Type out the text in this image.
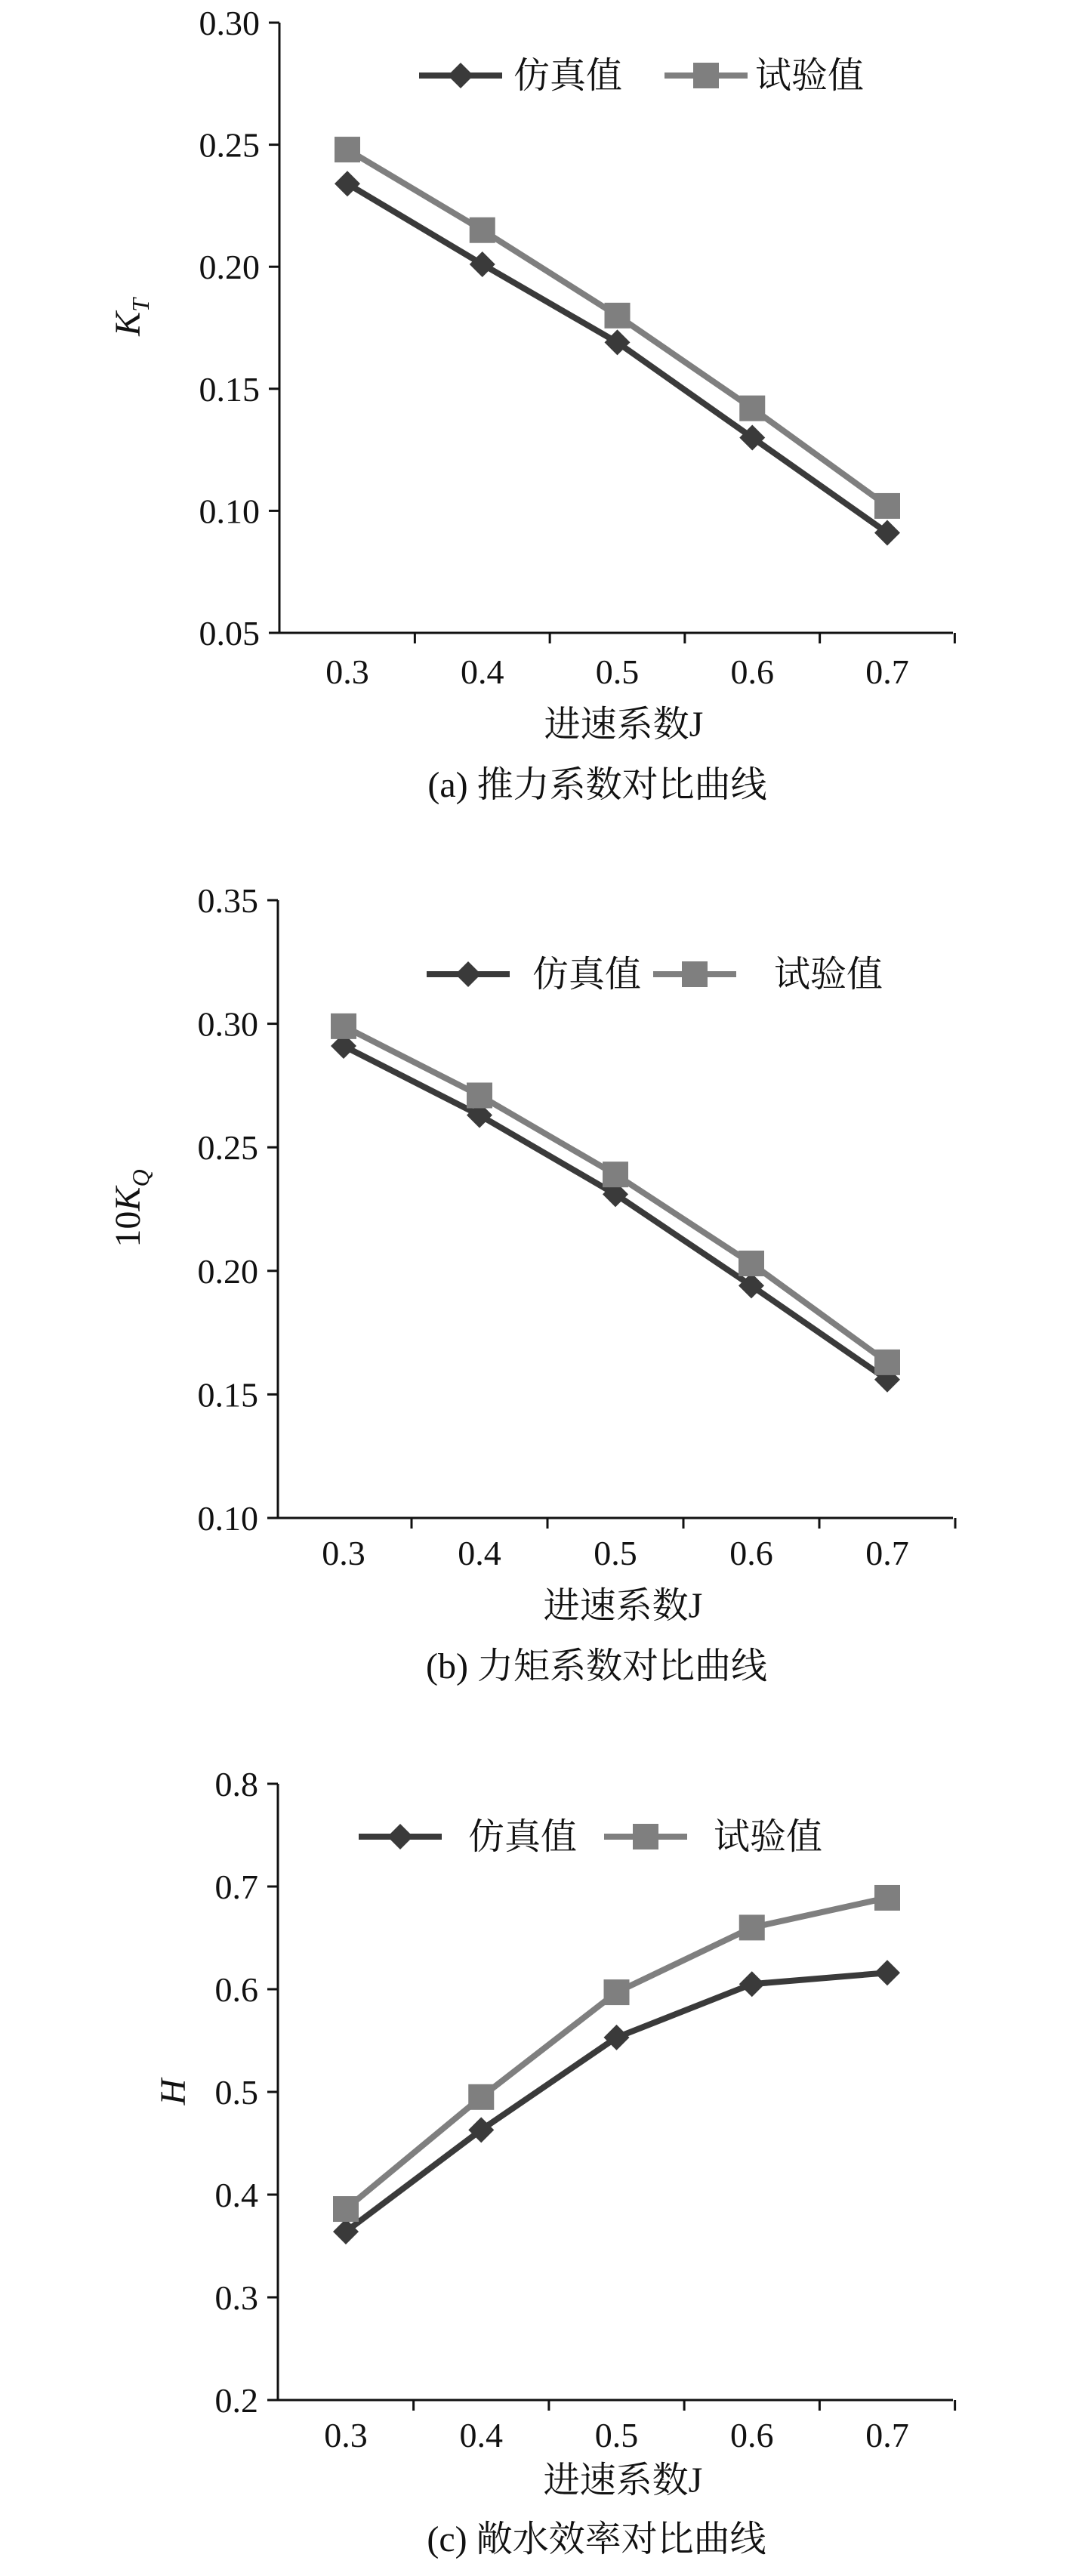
0.05
0.10
0.15
0.20
0.25
0.30
0.3	0.4	0.5	0.6	0.7
仿真值	试验值
进速系数J
$K_T$
(a) 推力系数对比曲线
0.10
0.15
0.20
0.25
0.30
0.35
0.3	0.4	0.5	0.6	0.7
仿真值	试验值
进速系数J
$10K_Q$
(b) 力矩系数对比曲线
0.2
0.3
0.4
0.5
0.6
0.7
0.8
0.3	0.4	0.5	0.6	0.7
仿真值	试验值
进速系数J
H
(c) 敞水效率对比曲线
